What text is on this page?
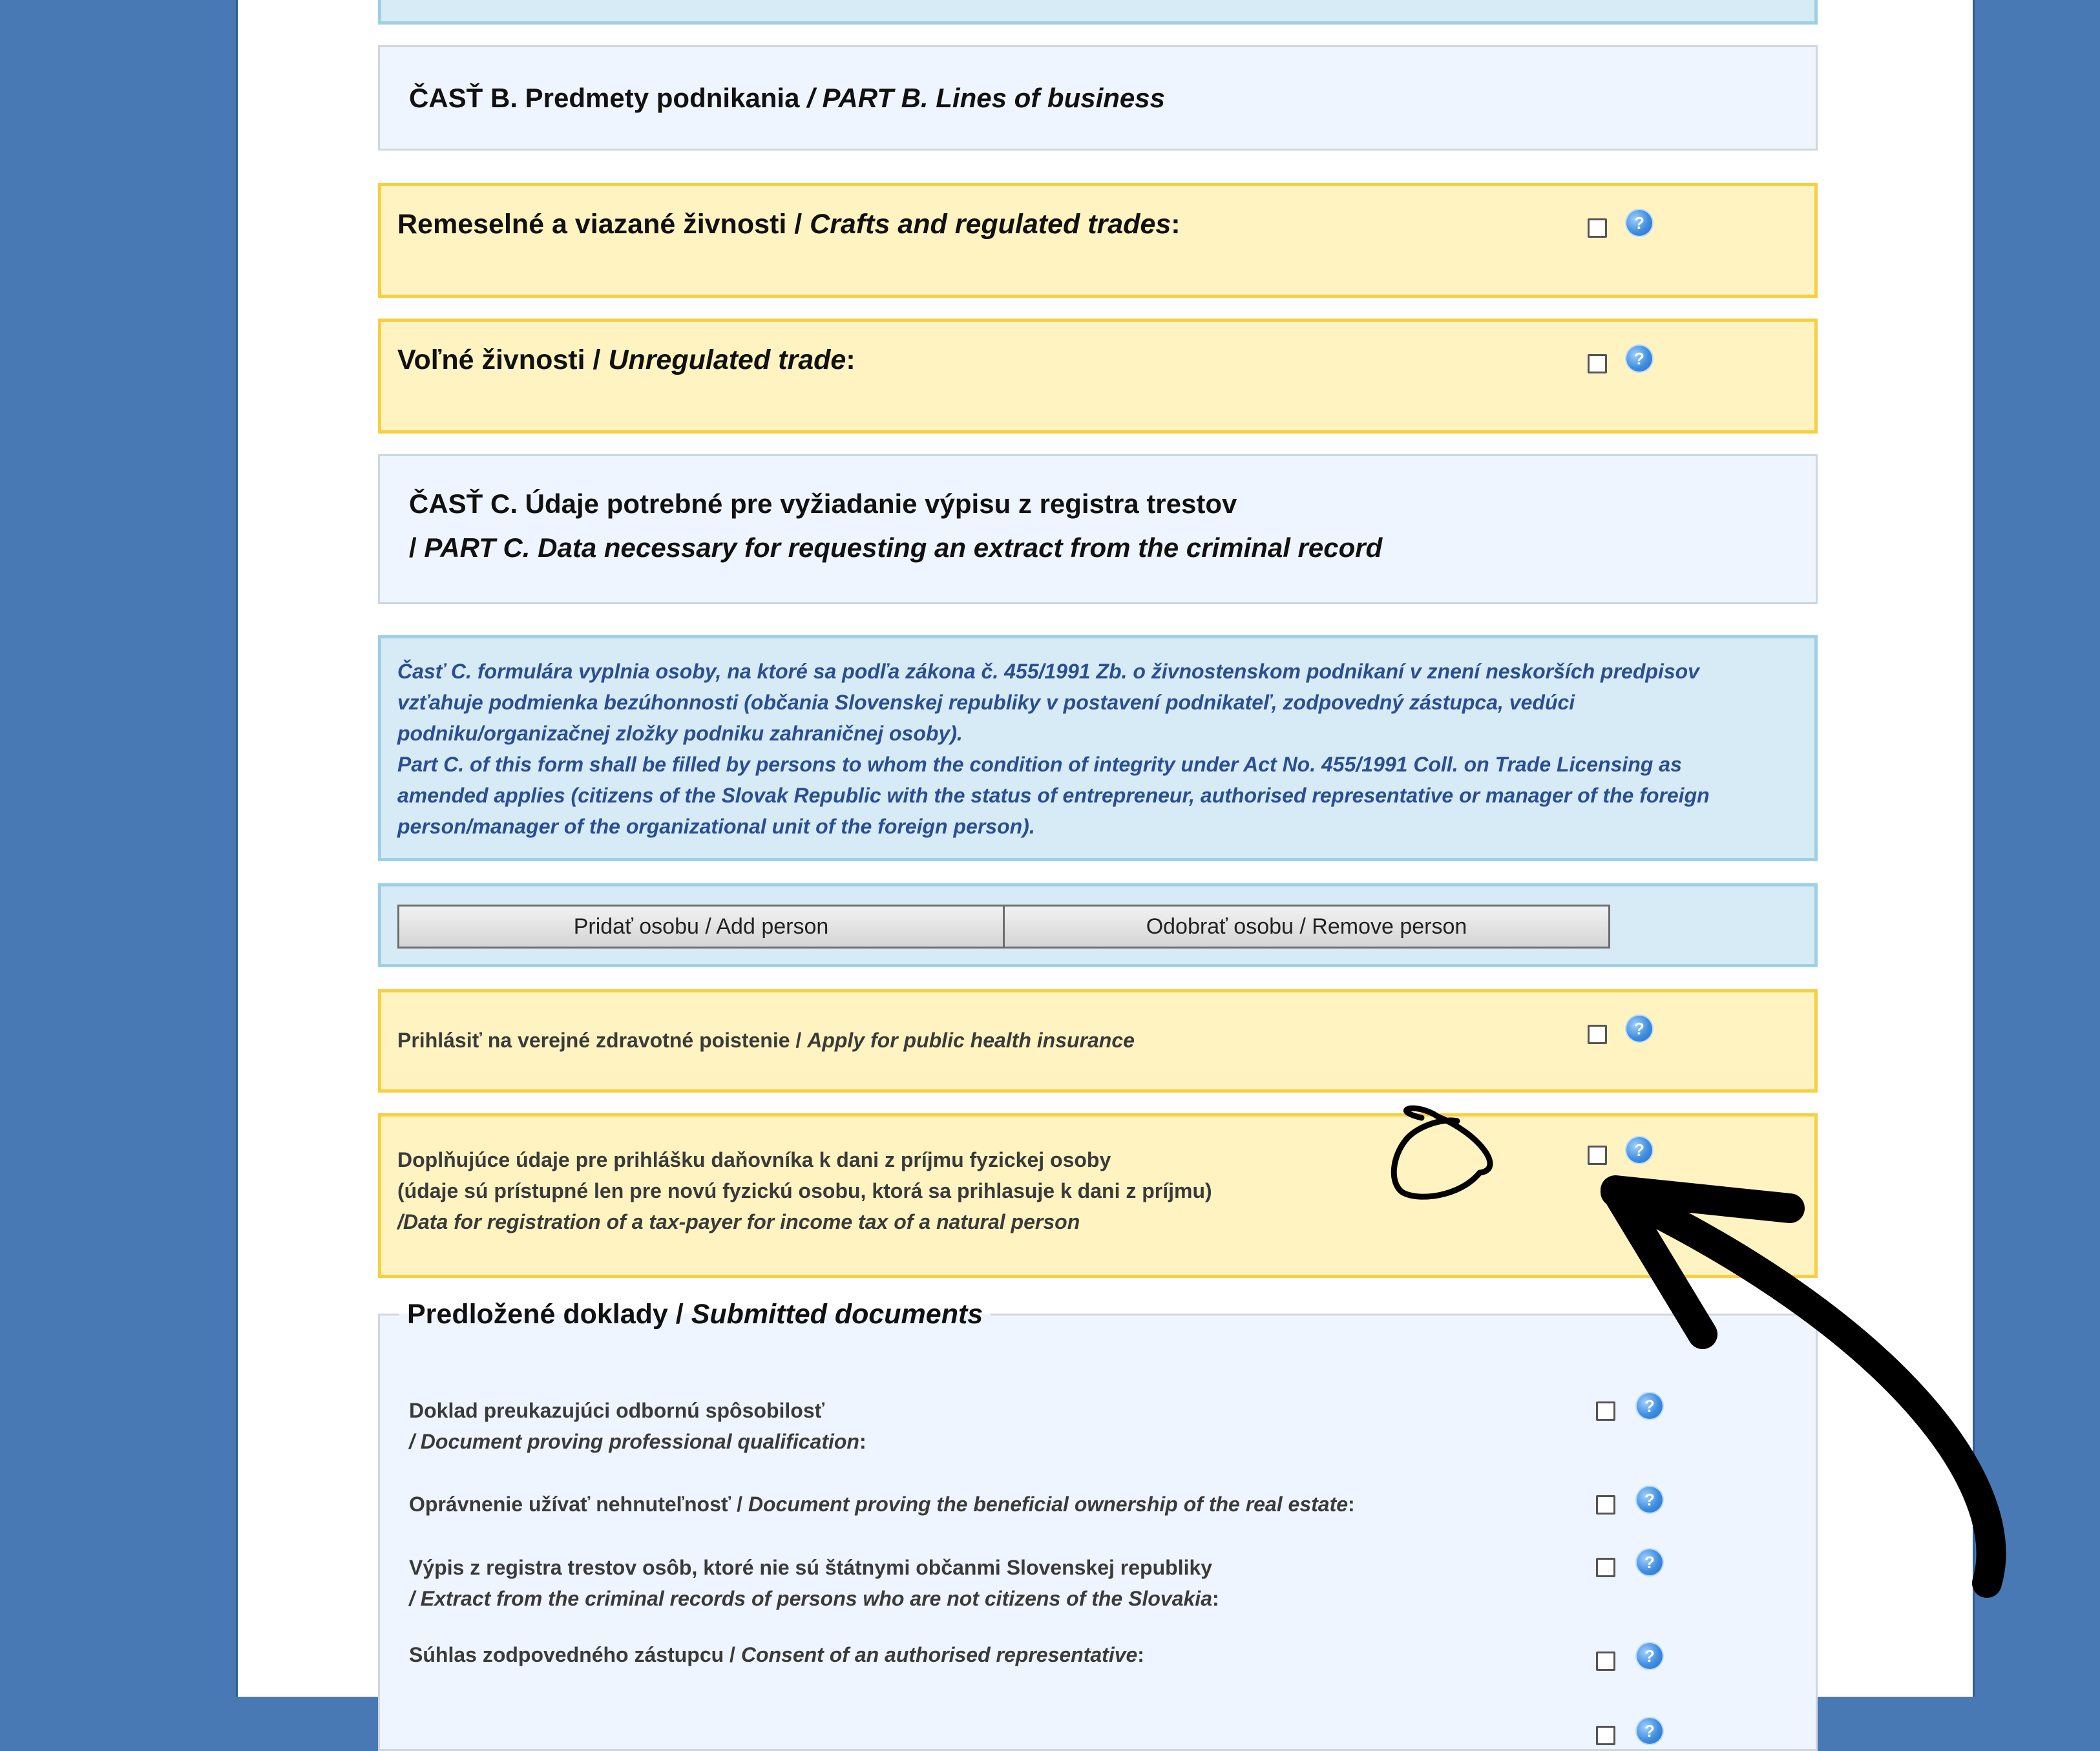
ČASŤ B. Predmety podnikania / PART B. Lines of business
Remeselné a viazané živnosti / Crafts and regulated trades:	?
Voľné živnosti / Unregulated trade:	?
ČASŤ C. Údaje potrebné pre vyžiadanie výpisu z registra trestov
/ PART C. Data necessary for requesting an extract from the criminal record
Časť C. formulára vyplnia osoby, na ktoré sa podľa zákona č. 455/1991 Zb. o živnostenskom podnikaní v znení neskorších predpisov
vzťahuje podmienka bezúhonnosti (občania Slovenskej republiky v postavení podnikateľ, zodpovedný zástupca, vedúci
podniku/organizačnej zložky podniku zahraničnej osoby).
Part C. of this form shall be filled by persons to whom the condition of integrity under Act No. 455/1991 Coll. on Trade Licensing as
amended applies (citizens of the Slovak Republic with the status of entrepreneur, authorised representative or manager of the foreign
person/manager of the organizational unit of the foreign person).
Pridať osobu / Add person	Odobrať osobu / Remove person
Prihlásiť na verejné zdravotné poistenie / Apply for public health insurance	?
Doplňujúce údaje pre prihlášku daňovníka k dani z príjmu fyzickej osoby
(údaje sú prístupné len pre novú fyzickú osobu, ktorá sa prihlasuje k dani z príjmu)
/Data for registration of a tax-payer for income tax of a natural person
?
Predložené doklady / Submitted documents
Doklad preukazujúci odbornú spôsobilosť
/ Document proving professional qualification:
?
Oprávnenie užívať nehnuteľnosť / Document proving the beneficial ownership of the real estate:	?
Výpis z registra trestov osôb, ktoré nie sú štátnymi občanmi Slovenskej republiky
/ Extract from the criminal records of persons who are not citizens of the Slovakia:
?
Súhlas zodpovedného zástupcu / Consent of an authorised representative:	?
?
